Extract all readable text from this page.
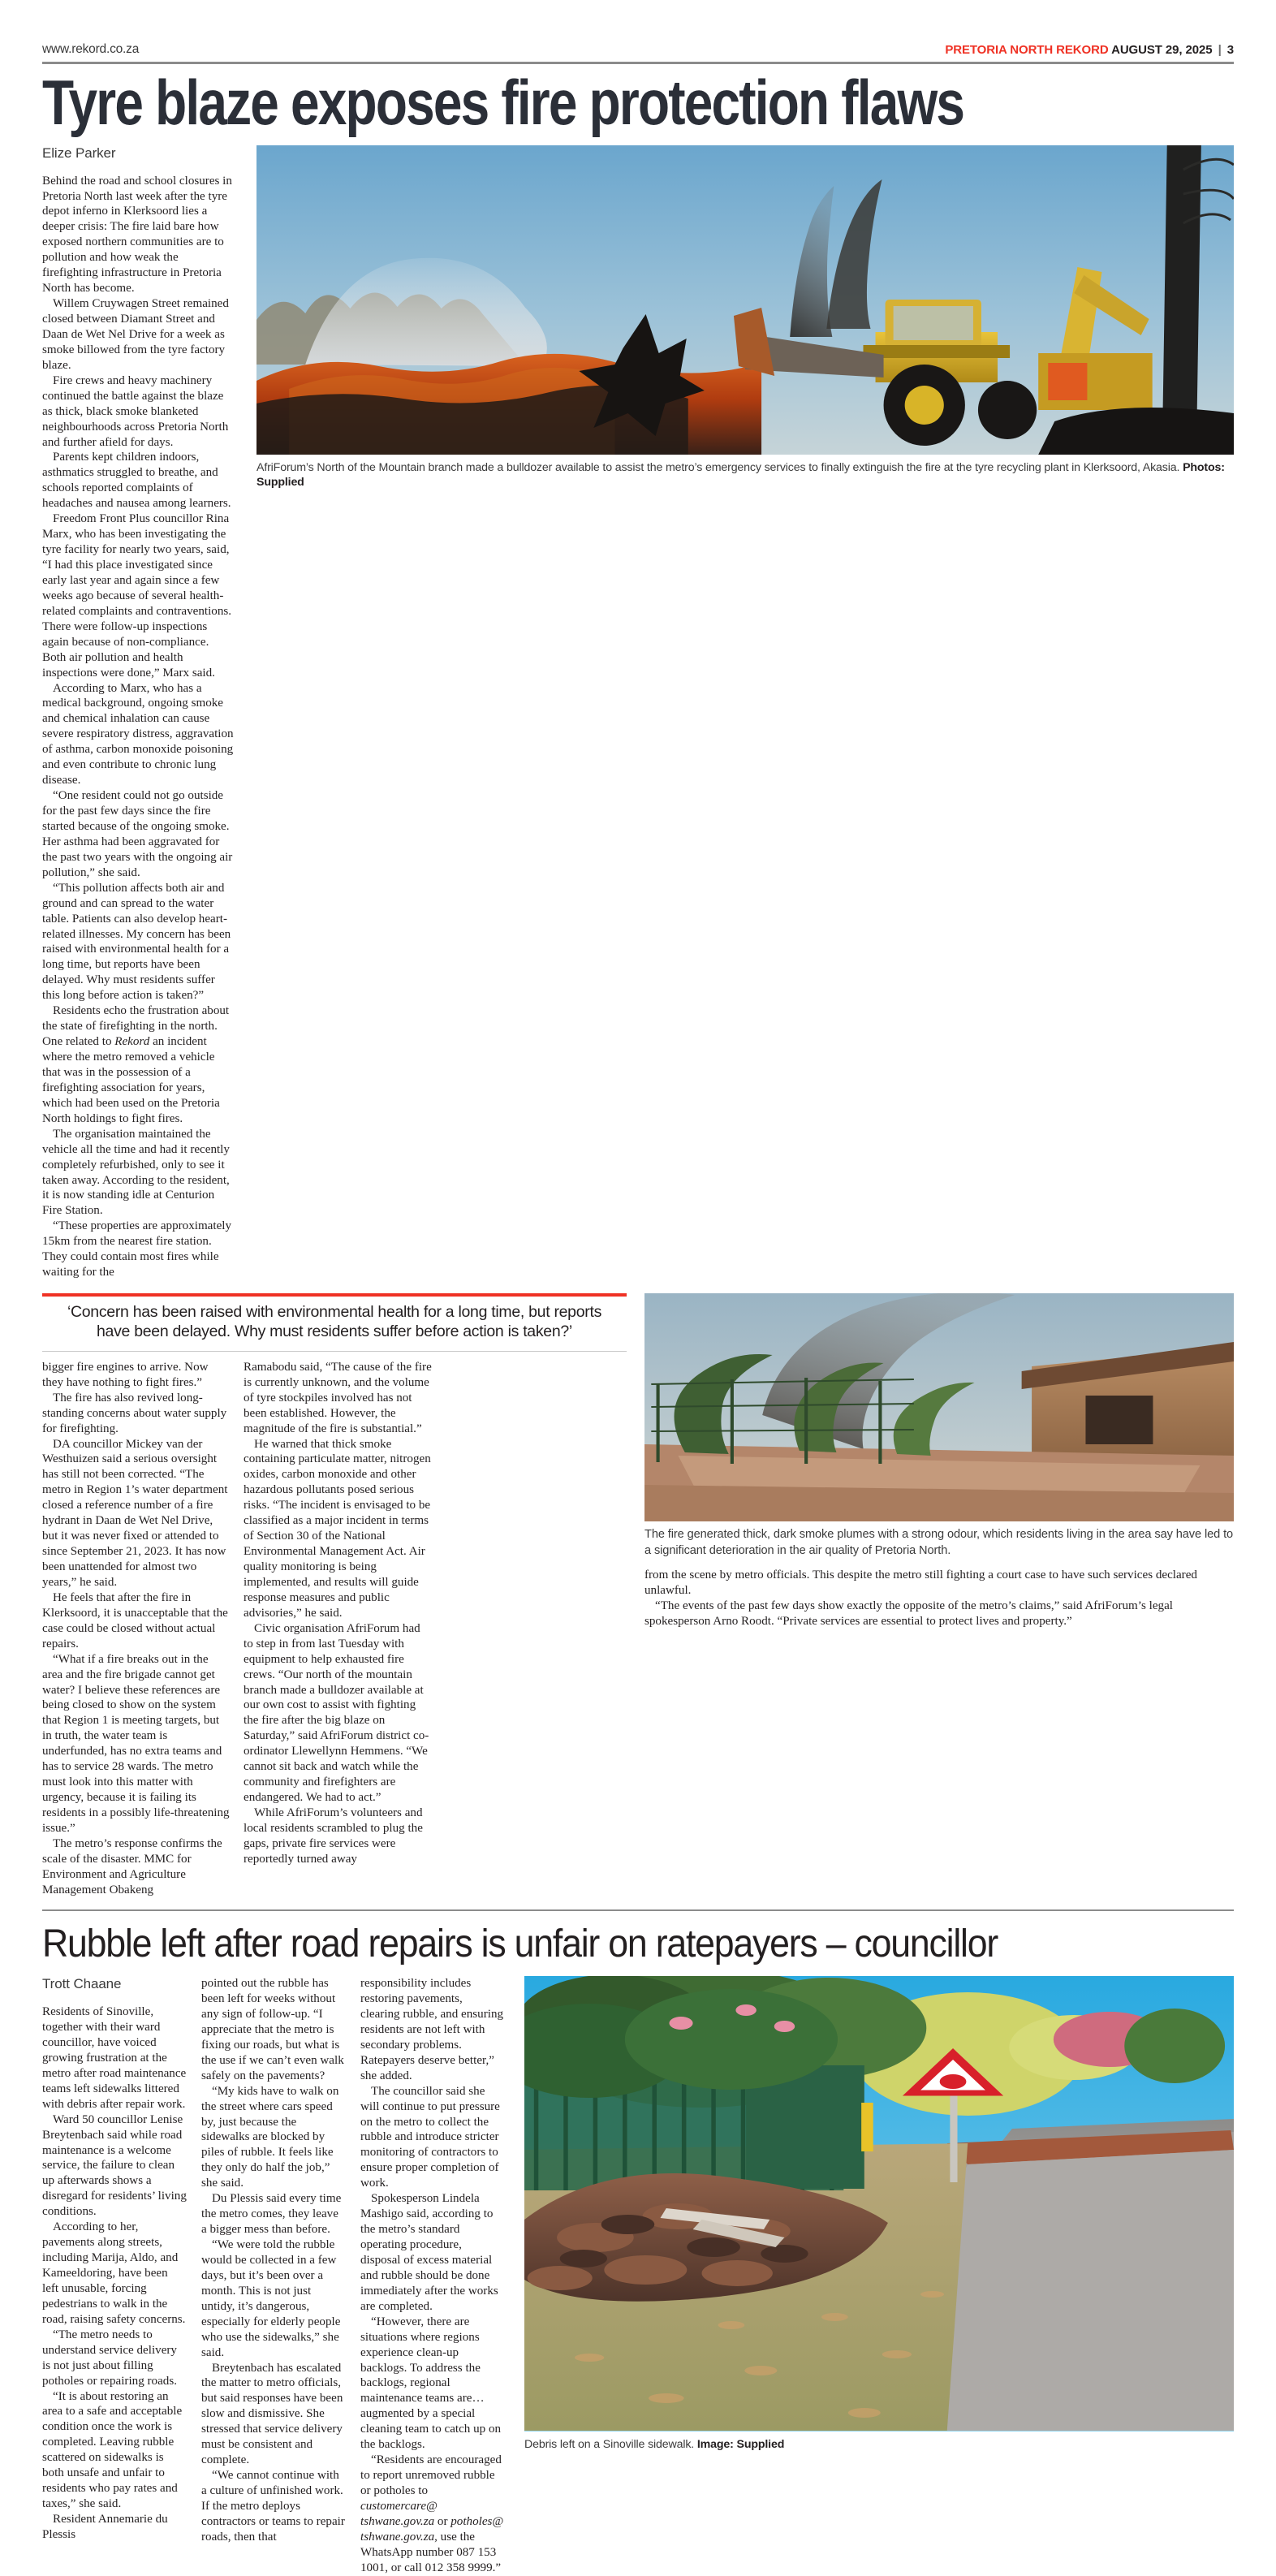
www.rekord.co.za	PRETORIA NORTH REKORD AUGUST 29, 2025 | 3
Tyre blaze exposes fire protection flaws
Elize Parker

Behind the road and school closures in Pretoria North last week after the tyre depot inferno in Klerksoord lies a deeper crisis: The fire laid bare how exposed northern communities are to pollution and how weak the firefighting infrastructure in Pretoria North has become.

Willem Cruywagen Street remained closed between Diamant Street and Daan de Wet Nel Drive for a week as smoke billowed from the tyre factory blaze.

Fire crews and heavy machinery continued the battle against the blaze as thick, black smoke blanketed neighbourhoods across Pretoria North and further afield for days.

Parents kept children indoors, asthmatics struggled to breathe, and schools reported complaints of headaches and nausea among learners.

Freedom Front Plus councillor Rina Marx, who has been investigating the tyre facility for nearly two years, said, “I had this place investigated since early last year and again since a few weeks ago because of several health-related complaints and contraventions. There were follow-up inspections again because of non-compliance. Both air pollution and health inspections were done,” Marx said.

According to Marx, who has a medical background, ongoing smoke and chemical inhalation can cause severe respiratory distress, aggravation of asthma, carbon monoxide poisoning and even contribute to chronic lung disease.

“One resident could not go outside for the past few days since the fire started because of the ongoing smoke. Her asthma had been aggravated for the past two years with the ongoing air pollution,” she said.

“This pollution affects both air and ground and can spread to the water table. Patients can also develop heart-related illnesses. My concern has been raised with environmental health for a long time, but reports have been delayed. Why must residents suffer this long before action is taken?”

Residents echo the frustration about the state of firefighting in the north. One related to Rekord an incident where the metro removed a vehicle that was in the possession of a firefighting association for years, which had been used on the Pretoria North holdings to fight fires.

The organisation maintained the vehicle all the time and had it recently completely refurbished, only to see it taken away. According to the resident, it is now standing idle at Centurion Fire Station.

“These properties are approximately 15km from the nearest fire station. They could contain most fires while waiting for the

AfriForum’s North of the Mountain branch made a bulldozer available to assist the metro’s emergency services to finally extinguish the fire at the tyre recycling plant in Klerksoord, Akasia. Photos: Supplied
‘Concern has been raised with environmental health for a long time, but reports have been delayed. Why must residents suffer before action is taken?’

bigger fire engines to arrive. Now they have nothing to fight fires.”

The fire has also revived long-standing concerns about water supply for firefighting.

DA councillor Mickey van der Westhuizen said a serious oversight has still not been corrected. “The metro in Region 1’s water department closed a reference number of a fire hydrant in Daan de Wet Nel Drive, but it was never fixed or attended to since September 21, 2023. It has now been unattended for almost two years,” he said.

He feels that after the fire in Klerksoord, it is unacceptable that the case could be closed without actual repairs.

“What if a fire breaks out in the area and the fire brigade cannot get water? I believe these references are being closed to show on the system that Region 1 is meeting targets, but in truth, the water team is underfunded, has no extra teams and has to service 28 wards. The metro must look into this matter with urgency, because it is failing its residents in a possibly life-threatening issue.”

The metro’s response confirms the scale of the disaster. MMC for Environment and Agriculture Management Obakeng

Ramabodu said, “The cause of the fire is currently unknown, and the volume of tyre stockpiles involved has not been established. However, the magnitude of the fire is substantial.”

He warned that thick smoke containing particulate matter, nitrogen oxides, carbon monoxide and other hazardous pollutants posed serious risks. “The incident is envisaged to be classified as a major incident in terms of Section 30 of the National Environmental Management Act. Air quality monitoring is being implemented, and results will guide response measures and public advisories,” he said.

Civic organisation AfriForum had to step in from last Tuesday with equipment to help exhausted fire crews. “Our north of the mountain branch made a bulldozer available at our own cost to assist with fighting the fire after the big blaze on Saturday,” said AfriForum district co-ordinator Llewellynn Hemmens. “We cannot sit back and watch while the community and firefighters are endangered. We had to act.”

While AfriForum’s volunteers and local residents scrambled to plug the gaps, private fire services were reportedly turned away

The fire generated thick, dark smoke plumes with a strong odour, which residents living in the area say have led to a significant deterioration in the air quality of Pretoria North.

from the scene by metro officials. This despite the metro still fighting a court case to have such services declared unlawful.

“The events of the past few days show exactly the opposite of the metro’s claims,” said AfriForum’s legal spokesperson Arno Roodt. “Private services are essential to protect lives and property.”

Rubble left after road repairs is unfair on ratepayers – councillor
Trott Chaane

Residents of Sinoville, together with their ward councillor, have voiced growing frustration at the metro after road maintenance teams left sidewalks littered with debris after repair work.

Ward 50 councillor Lenise Breytenbach said while road maintenance is a welcome service, the failure to clean up afterwards shows a disregard for residents’ living conditions.

According to her, pavements along streets, including Marija, Aldo, and Kameeldoring, have been left unusable, forcing pedestrians to walk in the road, raising safety concerns.

“The metro needs to understand service delivery is not just about filling potholes or repairing roads.

“It is about restoring an area to a safe and acceptable condition once the work is completed. Leaving rubble scattered on sidewalks is both unsafe and unfair to residents who pay rates and taxes,” she said.

Resident Annemarie du Plessis

pointed out the rubble has been left for weeks without any sign of follow-up. “I appreciate that the metro is fixing our roads, but what is the use if we can’t even walk safely on the pavements?

“My kids have to walk on the street where cars speed by, just because the sidewalks are blocked by piles of rubble. It feels like they only do half the job,” she said.

Du Plessis said every time the metro comes, they leave a bigger mess than before.

“We were told the rubble would be collected in a few days, but it’s been over a month. This is not just untidy, it’s dangerous, especially for elderly people who use the sidewalks,” she said.

Breytenbach has escalated the matter to metro officials, but said responses have been slow and dismissive. She stressed that service delivery must be consistent and complete.

“We cannot continue with a culture of unfinished work. If the metro deploys contractors or teams to repair roads, then that

responsibility includes restoring pavements, clearing rubble, and ensuring residents are not left with secondary problems. Ratepayers deserve better,” she added.

The councillor said she will continue to put pressure on the metro to collect the rubble and introduce stricter monitoring of contractors to ensure proper completion of work.

Spokesperson Lindela Mashigo said, according to the metro’s standard operating procedure, disposal of excess material and rubble should be done immediately after the works are completed.

“However, there are situations where regions experience clean-up backlogs. To address the backlogs, regional maintenance teams are… augmented by a special cleaning team to catch up on the backlogs.

“Residents are encouraged to report unremoved rubble or potholes to customercare@ tshwane.gov.za or potholes@ tshwane.gov.za, use the WhatsApp number 087 153 1001, or call 012 358 9999.”

Debris left on a Sinoville sidewalk. Image: Supplied
